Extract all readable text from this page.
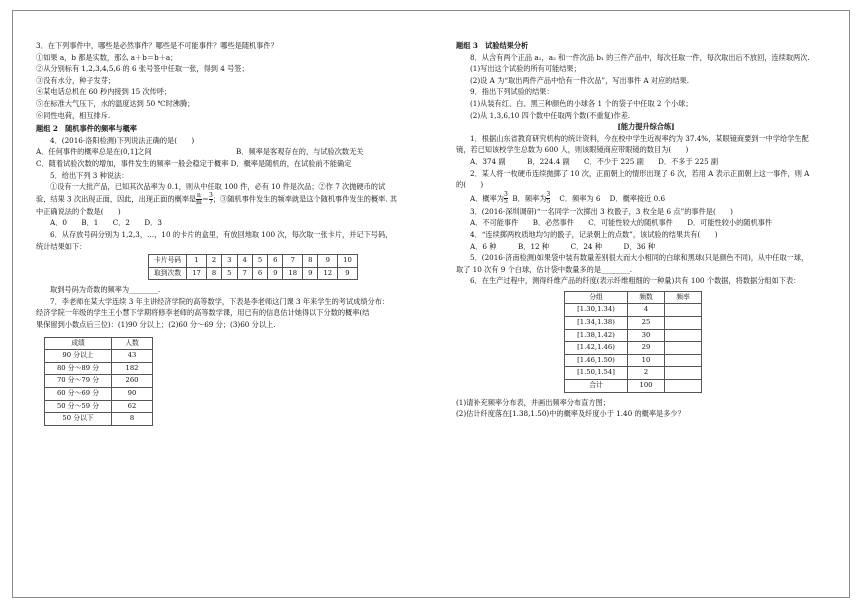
3．在下列事件中，哪些是必然事件？哪些是不可能事件？哪些是随机事件？
①如果 a，b 都是实数，那么 a＋b＝b＋a；
②从分别标有 1,2,3,4,5,6 的 6 张号签中任取一张，得到 4 号签；
③没有水分，种子发芽；
④某电话总机在 60 秒内接到 15 次传呼；
⑤在标准大气压下，水的温度达到 50 ℃时沸腾；
⑥同性电荷，相互排斥.
题组 2　随机事件的频率与概率
4．(2016·洛阳检测)下列说法正确的是(　　)
A．任何事件的概率总是在(0,1]之间	B．频率是客观存在的，与试验次数无关
C．随着试验次数的增加，事件发生的频率一般会稳定于概率 D．概率是随机的，在试验前不能确定
5．给出下列 3 种说法：
①设有一大批产品，已知其次品率为 0.1，则从中任取 100 件，必有 10 件是次品；②作 7 次抛硬币的试
验，结果 3 次出现正面，因此，出现正面的概率是 $\frac{n}{m}= \frac{3}{7}$；③随机事件发生的频率就是这个随机事件发生的概率. 其
中正确说法的个数是(　　)
A．0　　B．1　　C．2　　D．3
6．从存放号码分别为 1,2,3，…，10 的卡片的盒里，有放回地取 100 次，每次取一张卡片，并记下号码，
统计结果如下：
卡片号码	1	2	3	4	5	6	7	8	9	10
取到次数	17	8	5	7	6	9	18	9	12	9
取到号码为奇数的频率为________.
7．李老师在某大学连续 3 年主讲经济学院的高等数学，下表是李老师这门课 3 年来学生的考试成绩分布：
经济学院一年级的学生王小慧下学期将修李老师的高等数学课，用已有的信息估计她得以下分数的概率(结
果保留到小数点后三位)：(1)90 分以上；(2)60 分～69 分；(3)60 分以上.
成绩	人数
90 分以上	43
80 分～89 分	182
70 分～79 分	260
60 分～69 分	90
50 分～59 分	62
50 分以下	8
题组 3　试验结果分析
8．从含有两个正品 a₁，a₂ 和一件次品 b₁ 的三件产品中，每次任取一件，每次取出后不放回，连续取两次.
(1)写出这个试验的所有可能结果；
(2)设 A 为“取出两件产品中恰有一件次品”，写出事件 A 对应的结果.
9．指出下列试验的结果：
(1)从装有红、白、黑三种颜色的小球各 1 个的袋子中任取 2 个小球；
(2)从 1,3,6,10 四个数中任取两个数(不重复)作差.
[能力提升综合练]
1．根据山东省教育研究机构的统计资料，今在校中学生近视率约为 37.4%，某眼镜商要到一中学给学生配
镜，若已知该校学生总数为 600 人，则该眼镜商应带眼镜的数目为(　　)
A．374 副　　　B．224.4 副　　C．不少于 225 副　　D．不多于 225 副
2．某人将一枚硬币连续抛掷了 10 次，正面朝上的情形出现了 6 次，若用 A 表示正面朝上这一事件，则 A
的(　　)
A．概率为 $\frac{3}{5}$ B．频率为 $\frac{3}{5}$ C．频率为 6 D．概率接近 0.6
3．(2016·深圳调研)“一名同学一次掷出 3 枚骰子，3 枚全是 6 点”的事件是(　　)
A．不可能事件　　B．必然事件　　C．可能性较大的随机事件　　D．可能性较小的随机事件
4．“连续掷两枚质地均匀的骰子，记录朝上的点数”，该试验的结果共有(　　)
A．6 种　　　B．12 种　　　C．24 种　　　D．36 种
5．(2016·济南检测)如果袋中装有数量差别很大而大小相同的白球和黑球(只是颜色不同)，从中任取一球，
取了 10 次有 9 个白球，估计袋中数量多的是________.
6．在生产过程中，测得纤维产品的纤度(表示纤维粗细的一种量)共有 100 个数据，将数据分组如下表：
分组	频数	频率
[1.30,1.34)	4	
[1.34,1.38)	25	
[1.38,1.42)	30	
[1.42,1.46)	29	
[1.46,1.50)	10	
[1.50,1.54]	2	
合计	100	
(1)请补充频率分布表，并画出频率分布直方图；
(2)估计纤度落在[1.38,1.50)中的概率及纤度小于 1.40 的概率是多少？
